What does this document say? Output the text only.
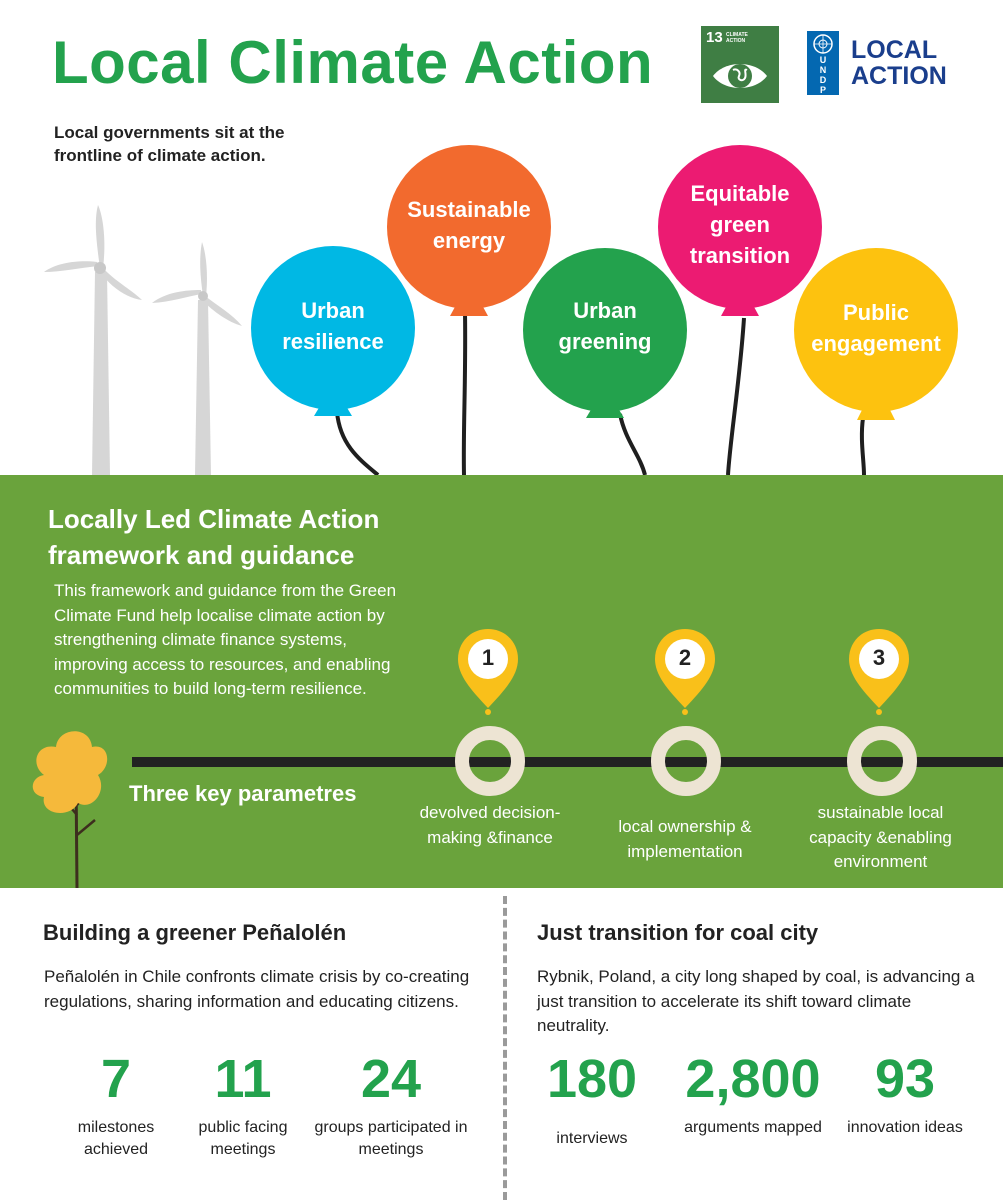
Urban resilience
Sustainable energy
Urban greening
Equitable green transition
Public engagement
Local Climate Action
Local governments sit at the frontline of climate action.
13 CLIMATE ACTION
U
N
D
P
LOCAL
ACTION
Locally Led Climate Action
framework and guidance
This framework and guidance from the Green Climate Fund help localise climate action by strengthening climate finance systems, improving access to resources, and enabling communities to build long-term resilience.
1	2	3
Three key parametres
devolved decision-making &finance
local ownership & implementation
sustainable local capacity &enabling environment
Building a greener Peñalolén
Peñalolén in Chile confronts climate crisis by co-creating regulations, sharing information and educating citizens.
7
milestones achieved
11
public facing meetings
24
groups participated in meetings
Just transition for coal city
Rybnik, Poland, a city long shaped by coal, is advancing a just transition to accelerate its shift toward climate neutrality.
180
interviews
2,800
arguments mapped
93
innovation ideas
